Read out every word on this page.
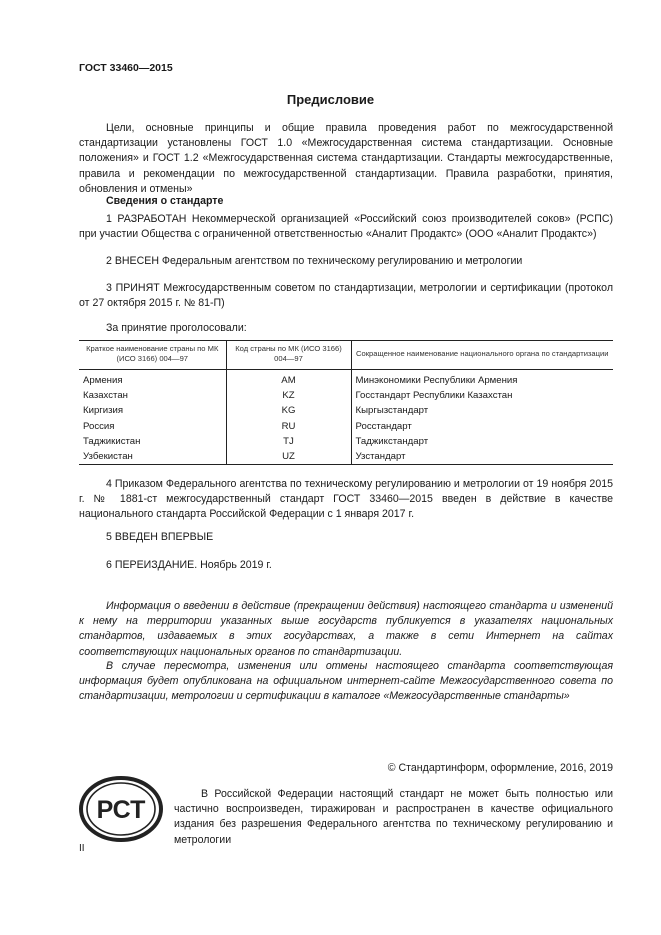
ГОСТ 33460—2015
Предисловие

Цели, основные принципы и общие правила проведения работ по межгосударственной стандартизации установлены ГОСТ 1.0 «Межгосударственная система стандартизации. Основные положения» и ГОСТ 1.2 «Межгосударственная система стандартизации. Стандарты межгосударственные, правила и рекомендации по межгосударственной стандартизации. Правила разработки, принятия, обновления и отмены»

Сведения о стандарте

1 РАЗРАБОТАН Некоммерческой организацией «Российский союз производителей соков» (РСПС) при участии Общества с ограниченной ответственностью «Аналит Продактс» (ООО «Аналит Продактс»)

2 ВНЕСЕН Федеральным агентством по техническому регулированию и метрологии

3 ПРИНЯТ Межгосударственным советом по стандартизации, метрологии и сертификации (протокол от 27 октября 2015 г. № 81-П)

За принятие проголосовали:
Краткое наименование страны по МК (ИСО 3166) 004—97	Код страны по МК (ИСО 3166) 004—97	Сокращенное наименование национального органа по стандартизации
Армения	AM	Минэкономики Республики Армения
Казахстан	KZ	Госстандарт Республики Казахстан
Киргизия	KG	Кыргызстандарт
Россия	RU	Росстандарт
Таджикистан	TJ	Таджикстандарт
Узбекистан	UZ	Узстандарт

4 Приказом Федерального агентства по техническому регулированию и метрологии от 19 ноября 2015 г. № 1881-ст межгосударственный стандарт ГОСТ 33460—2015 введен в действие в качестве национального стандарта Российской Федерации с 1 января 2017 г.

5 ВВЕДЕН ВПЕРВЫЕ

6 ПЕРЕИЗДАНИЕ. Ноябрь 2019 г.

Информация о введении в действие (прекращении действия) настоящего стандарта и изменений к нему на территории указанных выше государств публикуется в указателях национальных стандартов, издаваемых в этих государствах, а также в сети Интернет на сайтах соответствующих национальных органов по стандартизации.

В случае пересмотра, изменения или отмены настоящего стандарта соответствующая информация будет опубликована на официальном интернет-сайте Межгосударственного совета по стандартизации, метрологии и сертификации в каталоге «Межгосударственные стандарты»

© Стандартинформ, оформление, 2016, 2019
РСТ

В Российской Федерации настоящий стандарт не может быть полностью или частично воспроизведен, тиражирован и распространен в качестве официального издания без разрешения Федерального агентства по техническому регулированию и метрологии

II
